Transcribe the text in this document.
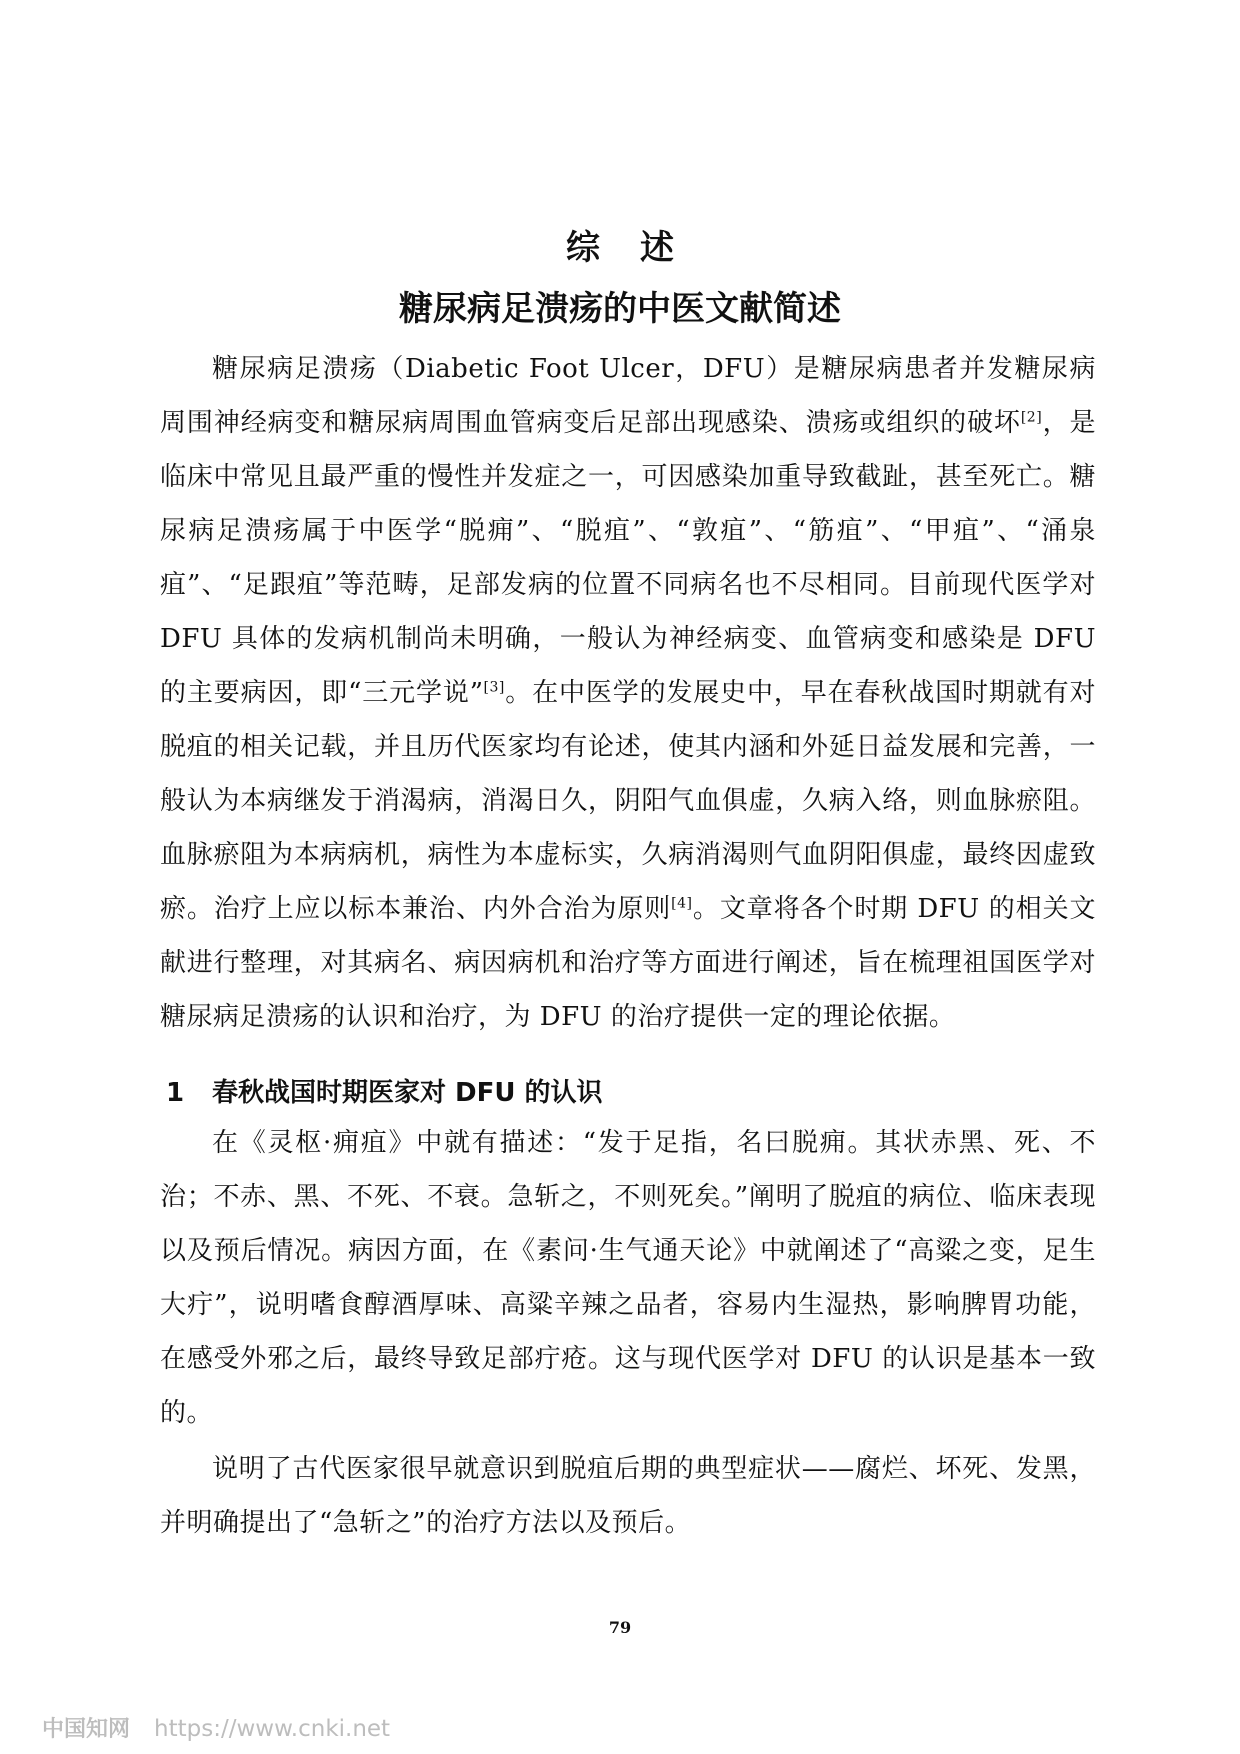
综述
糖尿病足溃疡的中医文献简述

糖尿病足溃疡（Diabetic Foot Ulcer，DFU）是糖尿病患者并发糖尿病周围神经病变和糖尿病周围血管病变后足部出现感染、溃疡或组织的破坏[2]，是临床中常见且最严重的慢性并发症之一，可因感染加重导致截趾，甚至死亡。糖尿病足溃疡属于中医学“脱痈”、“脱疽”、“敦疽”、“筋疽”、“甲疽”、“涌泉疽”、“足跟疽”等范畴，足部发病的位置不同病名也不尽相同。目前现代医学对 DFU 具体的发病机制尚未明确，一般认为神经病变、血管病变和感染是 DFU 的主要病因，即“三元学说”[3]。在中医学的发展史中，早在春秋战国时期就有对脱疽的相关记载，并且历代医家均有论述，使其内涵和外延日益发展和完善，一般认为本病继发于消渴病，消渴日久，阴阳气血俱虚，久病入络，则血脉瘀阻。血脉瘀阻为本病病机，病性为本虚标实，久病消渴则气血阴阳俱虚，最终因虚致瘀。治疗上应以标本兼治、内外合治为原则[4]。文章将各个时期 DFU 的相关文献进行整理，对其病名、病因病机和治疗等方面进行阐述，旨在梳理祖国医学对糖尿病足溃疡的认识和治疗，为 DFU 的治疗提供一定的理论依据。

1 春秋战国时期医家对 DFU 的认识

在《灵枢·痈疽》中就有描述：“发于足指，名曰脱痈。其状赤黑、死、不治；不赤、黑、不死、不衰。急斩之，不则死矣。”阐明了脱疽的病位、临床表现以及预后情况。病因方面，在《素问·生气通天论》中就阐述了“高粱之变，足生大疔”，说明嗜食醇酒厚味、高粱辛辣之品者，容易内生湿热，影响脾胃功能，在感受外邪之后，最终导致足部疔疮。这与现代医学对 DFU 的认识是基本一致的。

说明了古代医家很早就意识到脱疽后期的典型症状——腐烂、坏死、发黑，并明确提出了“急斩之”的治疗方法以及预后。

79
中国知网 https://www.cnki.net
